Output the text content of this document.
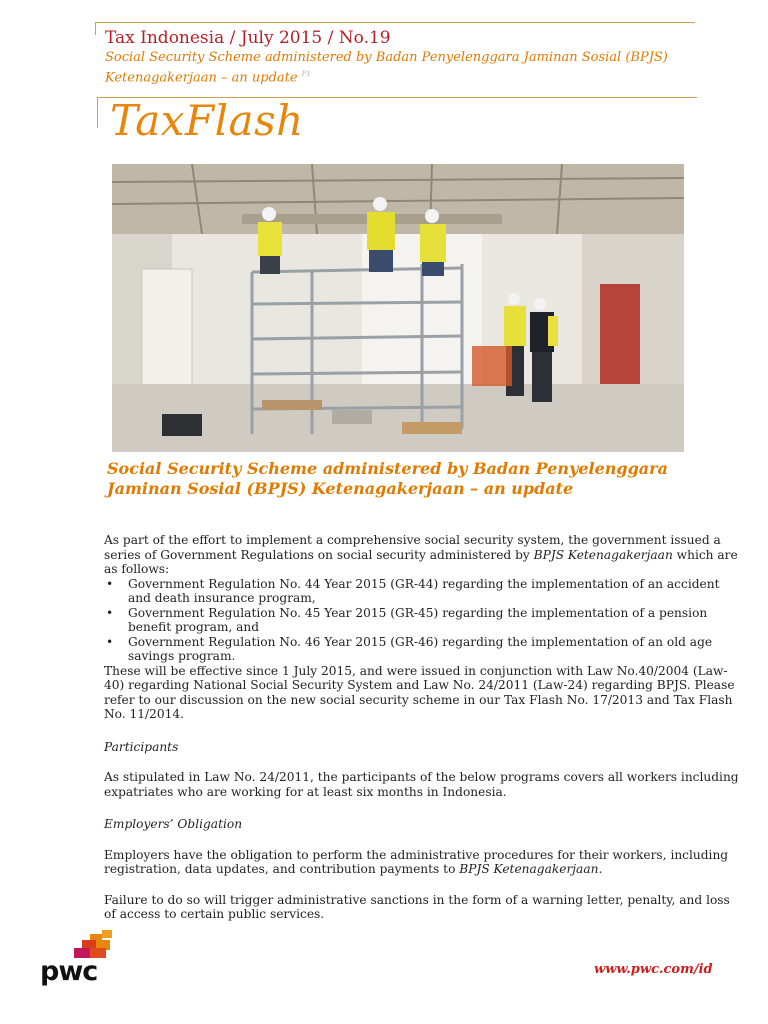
Tax Indonesia / July 2015 / No.19
Social Security Scheme administered by Badan Penyelenggara Jaminan Sosial (BPJS) Ketenagakerjaan – an update $^{P1}$
TaxFlash
Social Security Scheme administered by Badan Penyelenggara Jaminan Sosial (BPJS) Ketenagakerjaan – an update

As part of the effort to implement a comprehensive social security system, the government issued a series of Government Regulations on social security administered by BPJS Ketenagakerjaan which are as follows:

• Government Regulation No. 44 Year 2015 (GR-44) regarding the implementation of an accident and death insurance program,
• Government Regulation No. 45 Year 2015 (GR-45) regarding the implementation of a pension benefit program, and
• Government Regulation No. 46 Year 2015 (GR-46) regarding the implementation of an old age savings program.

These will be effective since 1 July 2015, and were issued in conjunction with Law No.40/2004 (Law-40) regarding National Social Security System and Law No. 24/2011 (Law-24) regarding BPJS. Please refer to our discussion on the new social security scheme in our Tax Flash No. 17/2013 and Tax Flash No. 11/2014.

Participants

As stipulated in Law No. 24/2011, the participants of the below programs covers all workers including expatriates who are working for at least six months in Indonesia.

Employers’ Obligation

Employers have the obligation to perform the administrative procedures for their workers, including registration, data updates, and contribution payments to BPJS Ketenagakerjaan.

Failure to do so will trigger administrative sanctions in the form of a warning letter, penalty, and loss of access to certain public services.

pwc	www.pwc.com/id
